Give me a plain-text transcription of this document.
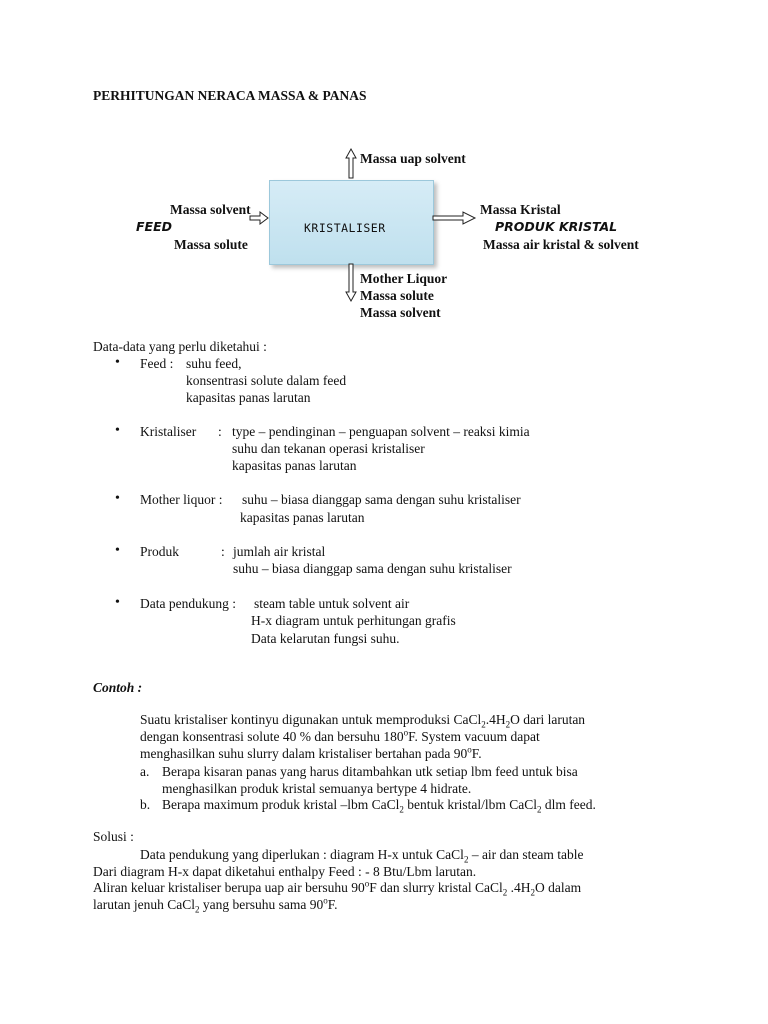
PERHITUNGAN NERACA MASSA & PANAS
KRISTALISER
Massa uap solvent
Massa solvent
FEED
Massa solute
Massa Kristal
PRODUK KRISTAL
Massa air kristal & solvent
Mother Liquor
Massa solute
Massa solvent
Data-data yang perlu diketahui :
• Feed : suhu feed,
konsentrasi solute dalam feed
kapasitas panas larutan
• Kristaliser : type – pendinginan – penguapan solvent – reaksi kimia
suhu dan tekanan operasi kristaliser
kapasitas panas larutan
• Mother liquor : suhu – biasa dianggap sama dengan suhu kristaliser
kapasitas panas larutan
• Produk	: jumlah air kristal
suhu – biasa dianggap sama dengan suhu kristaliser
• Data pendukung : steam table untuk solvent air
H-x diagram untuk perhitungan grafis
Data kelarutan fungsi suhu.
Contoh :
Suatu kristaliser kontinyu digunakan untuk memproduksi $CaCl_2.4H_2O$ dari larutan
dengan konsentrasi solute 40 % dan bersuhu 180$^o$F. System vacuum dapat
menghasilkan suhu slurry dalam kristaliser bertahan pada 90$^o$F.
a. Berapa kisaran panas yang harus ditambahkan utk setiap lbm feed untuk bisa
menghasilkan produk kristal semuanya bertype 4 hidrate.
b. Berapa maximum produk kristal –lbm CaCl$_2$ bentuk kristal/lbm CaCl$_2$ dlm feed.
Solusi :
Data pendukung yang diperlukan : diagram H-x untuk CaCl$_2$ – air dan steam table
Dari diagram H-x dapat diketahui enthalpy Feed : - 8 Btu/Lbm larutan.
Aliran keluar kristaliser berupa uap air bersuhu 90$^o$F dan slurry kristal CaCl$_2$ $.4H_2O$ dalam
larutan jenuh CaCl$_2$ yang bersuhu sama 90$^o$F.
